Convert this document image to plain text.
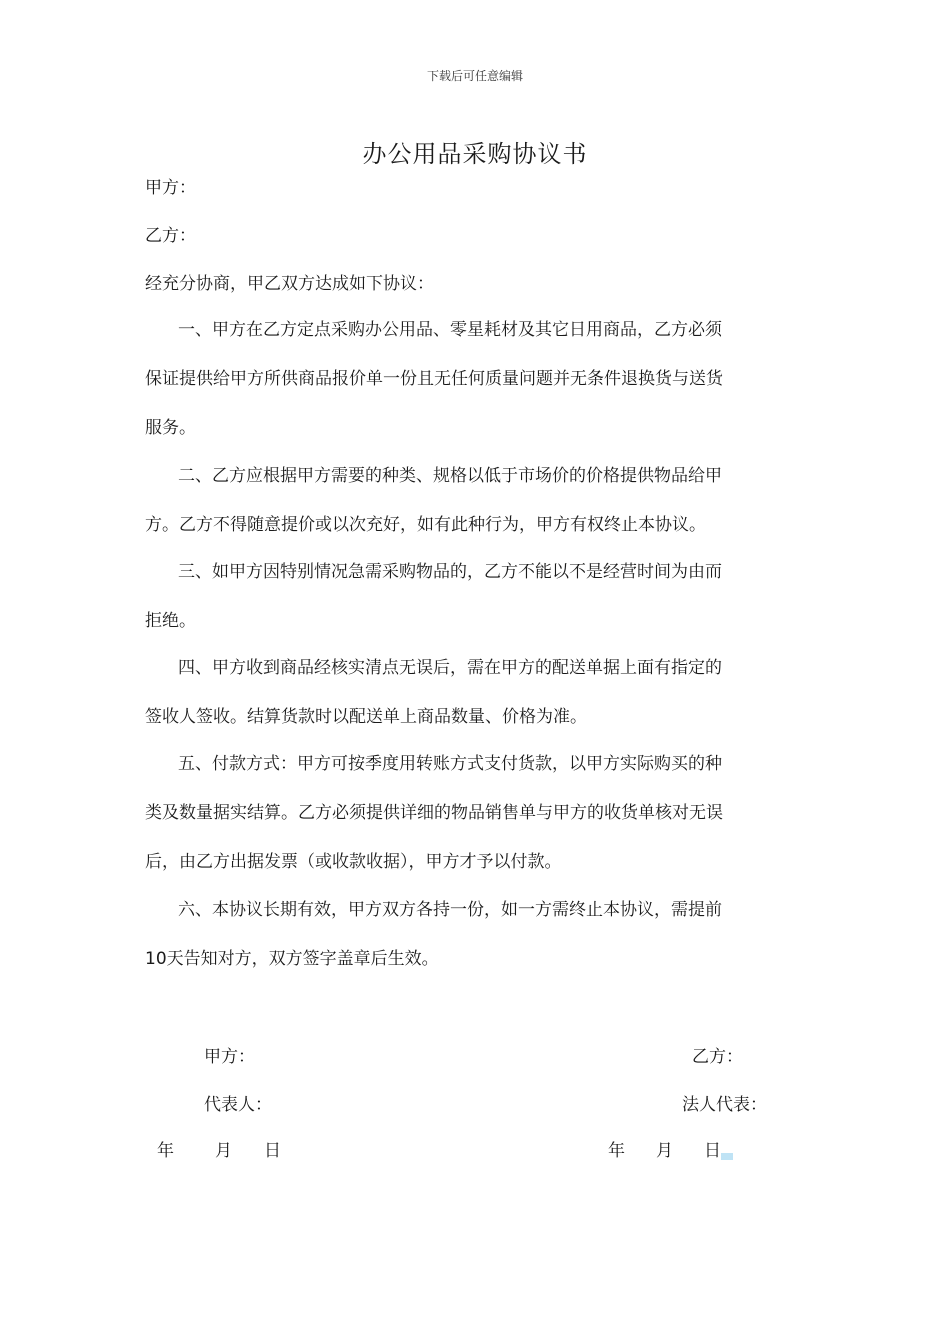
下载后可任意编辑
办公用品采购协议书
甲方：
乙方：
经充分协商，甲乙双方达成如下协议：
一、甲方在乙方定点采购办公用品、零星耗材及其它日用商品，乙方必须
保证提供给甲方所供商品报价单一份且无任何质量问题并无条件退换货与送货
服务。
二、乙方应根据甲方需要的种类、规格以低于市场价的价格提供物品给甲
方。乙方不得随意提价或以次充好，如有此种行为，甲方有权终止本协议。
三、如甲方因特别情况急需采购物品的，乙方不能以不是经营时间为由而
拒绝。
四、甲方收到商品经核实清点无误后，需在甲方的配送单据上面有指定的
签收人签收。结算货款时以配送单上商品数量、价格为准。
五、付款方式：甲方可按季度用转账方式支付货款，以甲方实际购买的种
类及数量据实结算。乙方必须提供详细的物品销售单与甲方的收货单核对无误
后，由乙方出据发票（或收款收据），甲方才予以付款。
六、本协议长期有效，甲方双方各持一份，如一方需终止本协议，需提前
10天告知对方，双方签字盖章后生效。
甲方：
代表人：
乙方：
法人代表：
年 月 日	年 月 日
